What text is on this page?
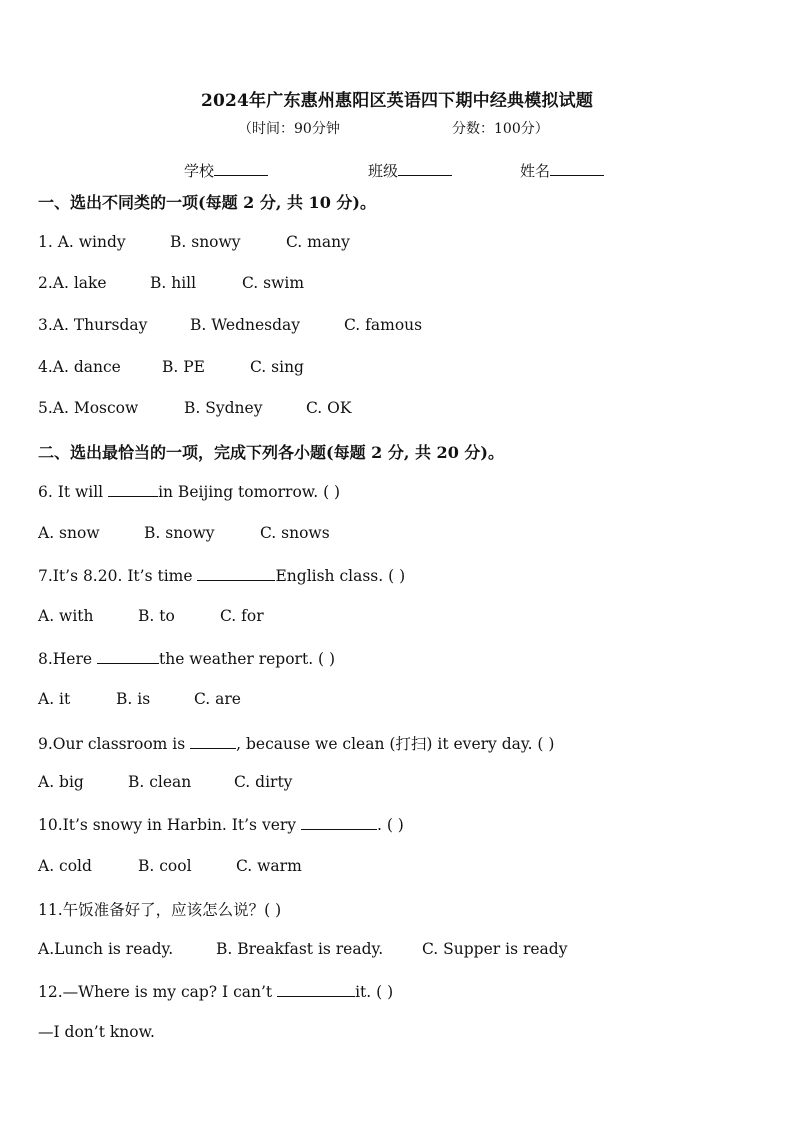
2024年广东惠州惠阳区英语四下期中经典模拟试题
（时间：90分钟	分数：100分）
学校	班级	姓名
一、选出不同类的一项(每题 2 分, 共 10 分)。
1. A. windy	B. snowy	C. many
2.A. lake	B. hill	C. swim
3.A. Thursday	B. Wednesday	C. famous
4.A. dance	B. PE	C. sing
5.A. Moscow	B. Sydney	C. OK
二、选出最恰当的一项，完成下列各小题(每题 2 分, 共 20 分)。
6. It will	in Beijing tomorrow. ( )
A. snow	B. snowy	C. snows
7.It’s 8.20. It’s time	English class. ( )
A. with	B. to	C. for
8.Here	the weather report. ( )
A. it	B. is	C. are
9.Our classroom is	, because we clean (打扫) it every day. ( )
A. big	B. clean	C. dirty
10.It’s snowy in Harbin. It’s very	. ( )
A. cold	B. cool	C. warm
11.午饭准备好了，应该怎么说？( )
A.Lunch is ready.	B. Breakfast is ready.	C. Supper is ready
12.—Where is my cap? I can’t	it. ( )
—I don’t know.
